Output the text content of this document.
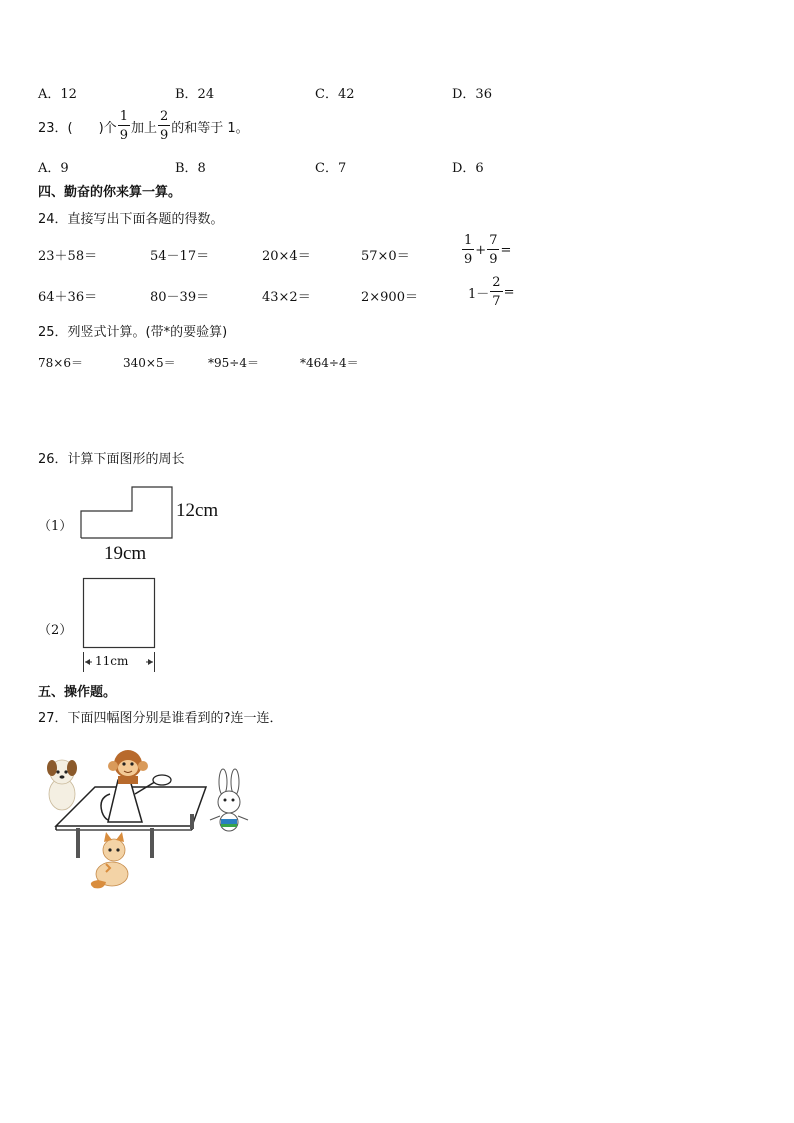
A．12	B．24	C．42	D．36
23．(　　)个 $\frac{1}{9}$ 加上 $\frac{2}{9}$ 的和等于 1。
A．9	B．8	C．7	D．6
四、勤奋的你来算一算。
24．直接写出下面各题的得数。
23＋58＝	54－17＝	20×4＝	57×0＝	$\frac{1}{9} + \frac{7}{9}$ =
64＋36＝	80－39＝	43×2＝	2×900＝	$1- \frac{2}{7}$ =
25．列竖式计算。(带*的要验算)
78×6＝	340×5＝	*95÷4＝	*464÷4＝
26．计算下面图形的周长
（1）
12cm
19cm
（2）
11cm
五、操作题。
27．下面四幅图分别是谁看到的?连一连．
